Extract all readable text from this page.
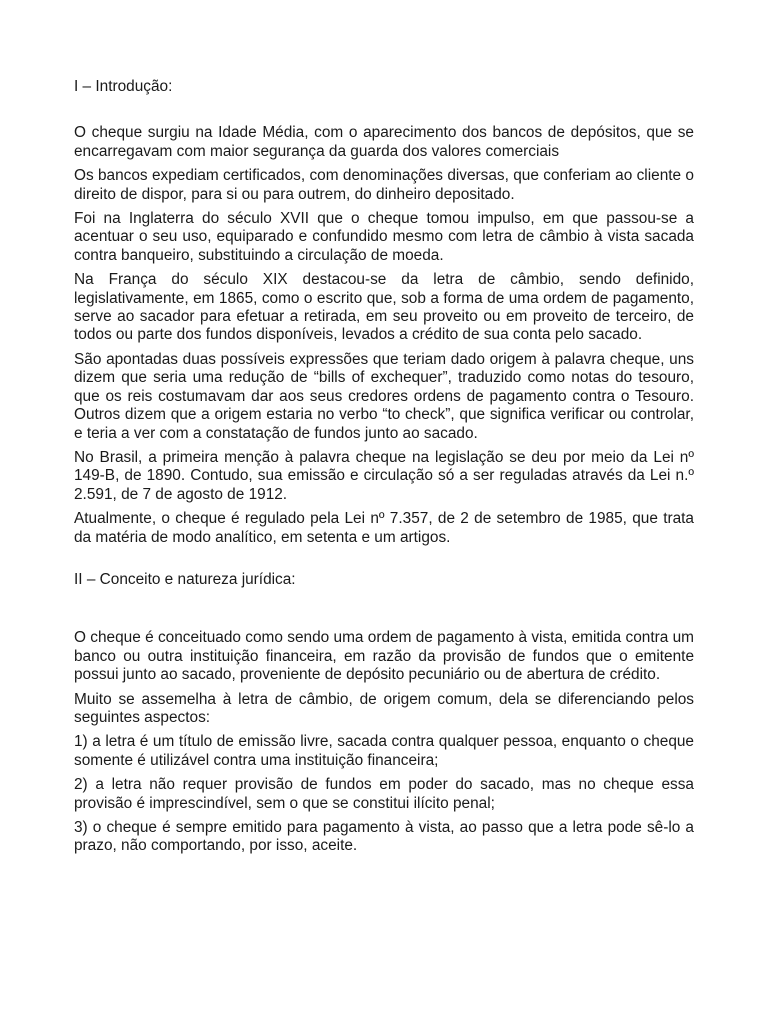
I – Introdução:

O cheque surgiu na Idade Média, com o aparecimento dos bancos de depósitos, que se encarregavam com maior segurança da guarda dos valores comerciais

Os bancos expediam certificados, com denominações diversas, que conferiam ao cliente o direito de dispor, para si ou para outrem, do dinheiro depositado.

Foi na Inglaterra do século XVII que o cheque tomou impulso, em que passou-se a acentuar o seu uso, equiparado e confundido mesmo com letra de câmbio à vista sacada contra banqueiro, substituindo a circulação de moeda.

Na França do século XIX destacou-se da letra de câmbio, sendo definido, legislativamente, em 1865, como o escrito que, sob a forma de uma ordem de pagamento, serve ao sacador para efetuar a retirada, em seu proveito ou em proveito de terceiro, de todos ou parte dos fundos disponíveis, levados a crédito de sua conta pelo sacado.

São apontadas duas possíveis expressões que teriam dado origem à palavra cheque, uns dizem que seria uma redução de “bills of exchequer”, traduzido como notas do tesouro, que os reis costumavam dar aos seus credores ordens de pagamento contra o Tesouro. Outros dizem que a origem estaria no verbo “to check”, que significa verificar ou controlar, e teria a ver com a constatação de fundos junto ao sacado.

No Brasil, a primeira menção à palavra cheque na legislação se deu por meio da Lei nº 149-B, de 1890. Contudo, sua emissão e circulação só a ser reguladas através da Lei n.º 2.591, de 7 de agosto de 1912.

Atualmente, o cheque é regulado pela Lei nº 7.357, de 2 de setembro de 1985, que trata da matéria de modo analítico, em setenta e um artigos.

II – Conceito e natureza jurídica:

O cheque é conceituado como sendo uma ordem de pagamento à vista, emitida contra um banco ou outra instituição financeira, em razão da provisão de fundos que o emitente possui junto ao sacado, proveniente de depósito pecuniário ou de abertura de crédito.

Muito se assemelha à letra de câmbio, de origem comum, dela se diferenciando pelos seguintes aspectos:

1) a letra é um título de emissão livre, sacada contra qualquer pessoa, enquanto o cheque somente é utilizável contra uma instituição financeira;

2) a letra não requer provisão de fundos em poder do sacado, mas no cheque essa provisão é imprescindível, sem o que se constitui ilícito penal;

3) o cheque é sempre emitido para pagamento à vista, ao passo que a letra pode sê-lo a prazo, não comportando, por isso, aceite.
